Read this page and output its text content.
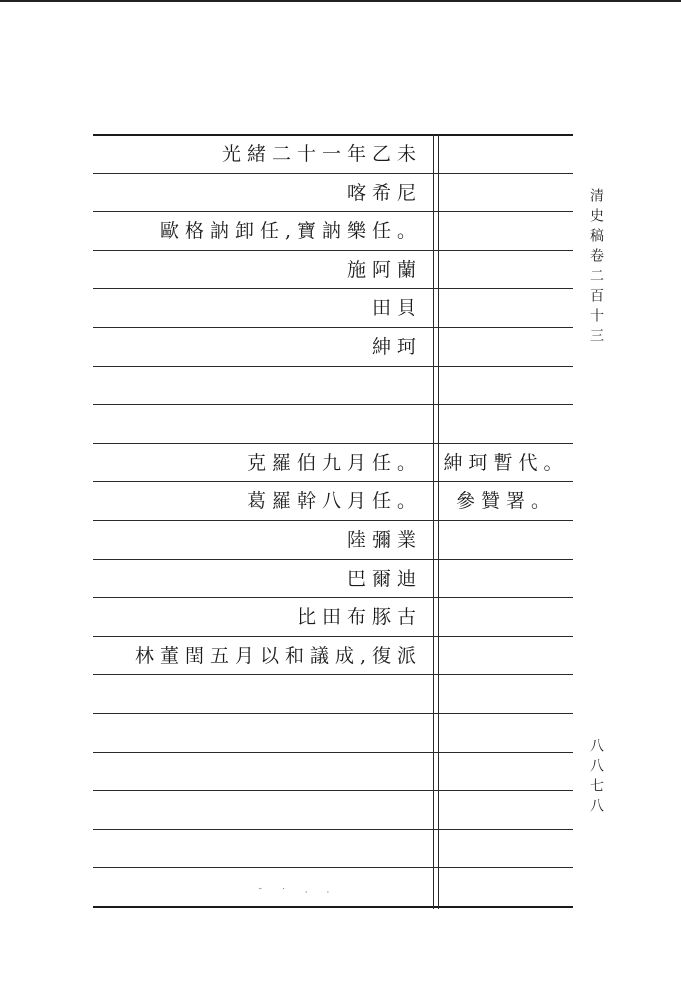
光緒二十一年乙未
喀希尼
歐格訥卸任,寶訥樂任。
施阿蘭
田貝
紳珂
克羅伯九月任。	紳珂暫代。
葛羅幹八月任。	參贊署。
陸彌業
巴爾迪
比田布豚古
林董閏五月以和議成,復派
清史稿卷二百十三
八八七八
˘ ˙ · ·
